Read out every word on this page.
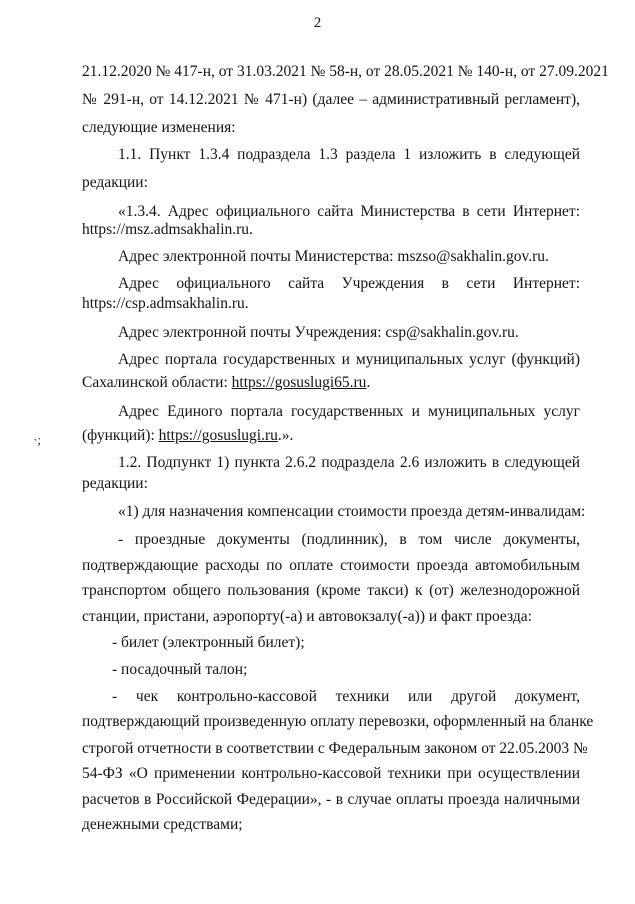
2
·;
21.12.2020 № 417-н, от 31.03.2021 № 58-н, от 28.05.2021 № 140-н, от 27.09.2021
№ 291-н, от 14.12.2021 № 471-н) (далее – административный регламент),
следующие изменения:
1.1. Пункт 1.3.4 подраздела 1.3 раздела 1 изложить в следующей
редакции:
«1.3.4. Адрес официального сайта Министерства в сети Интернет:
https://msz.admsakhalin.ru.
Адрес электронной почты Министерства: mszso@sakhalin.gov.ru.
Адрес официального сайта Учреждения в сети Интернет:
https://csp.admsakhalin.ru.
Адрес электронной почты Учреждения: csp@sakhalin.gov.ru.
Адрес портала государственных и муниципальных услуг (функций)
Сахалинской области: https://gosuslugi65.ru.
Адрес Единого портала государственных и муниципальных услуг
(функций): https://gosuslugi.ru.».
1.2. Подпункт 1) пункта 2.6.2 подраздела 2.6 изложить в следующей
редакции:
«1) для назначения компенсации стоимости проезда детям-инвалидам:
- проездные документы (подлинник), в том числе документы,
подтверждающие расходы по оплате стоимости проезда автомобильным
транспортом общего пользования (кроме такси) к (от) железнодорожной
станции, пристани, аэропорту(-а) и автовокзалу(-а)) и факт проезда:
- билет (электронный билет);
- посадочный талон;
- чек контрольно-кассовой техники или другой документ,
подтверждающий произведенную оплату перевозки, оформленный на бланке
строгой отчетности в соответствии с Федеральным законом от 22.05.2003 №
54-ФЗ «О применении контрольно-кассовой техники при осуществлении
расчетов в Российской Федерации», - в случае оплаты проезда наличными
денежными средствами;
